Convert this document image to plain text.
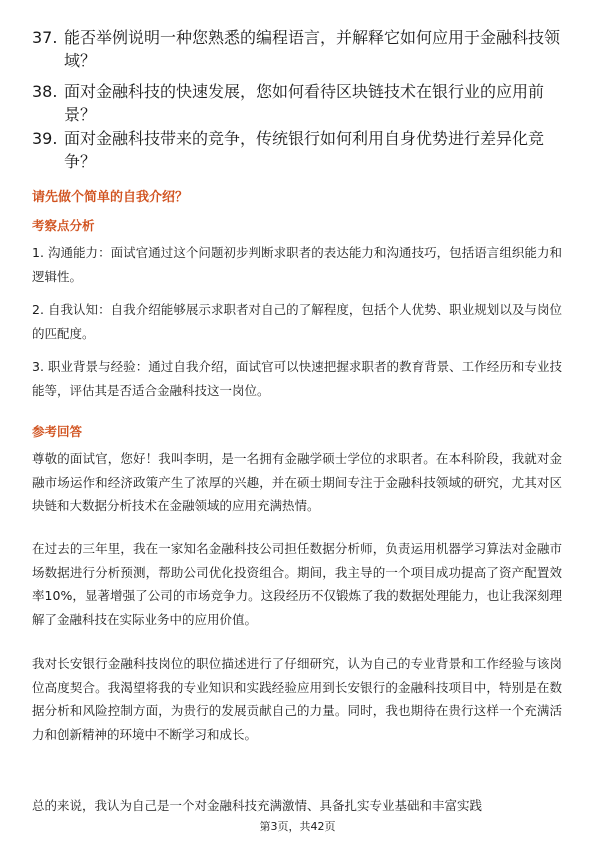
37. 能否举例说明一种您熟悉的编程语言，并解释它如何应用于金融科技领域？
38. 面对金融科技的快速发展，您如何看待区块链技术在银行业的应用前景？
39. 面对金融科技带来的竞争，传统银行如何利用自身优势进行差异化竞争？
请先做个简单的自我介绍？
考察点分析
1. 沟通能力：面试官通过这个问题初步判断求职者的表达能力和沟通技巧，包括语言组织能力和逻辑性。
2. 自我认知：自我介绍能够展示求职者对自己的了解程度，包括个人优势、职业规划以及与岗位的匹配度。
3. 职业背景与经验：通过自我介绍，面试官可以快速把握求职者的教育背景、工作经历和专业技能等，评估其是否适合金融科技这一岗位。
参考回答
尊敬的面试官，您好！我叫李明，是一名拥有金融学硕士学位的求职者。在本科阶段，我就对金融市场运作和经济政策产生了浓厚的兴趣，并在硕士期间专注于金融科技领域的研究，尤其对区块链和大数据分析技术在金融领域的应用充满热情。
在过去的三年里，我在一家知名金融科技公司担任数据分析师，负责运用机器学习算法对金融市场数据进行分析预测，帮助公司优化投资组合。期间，我主导的一个项目成功提高了资产配置效率10%，显著增强了公司的市场竞争力。这段经历不仅锻炼了我的数据处理能力，也让我深刻理解了金融科技在实际业务中的应用价值。
我对长安银行金融科技岗位的职位描述进行了仔细研究，认为自己的专业背景和工作经验与该岗位高度契合。我渴望将我的专业知识和实践经验应用到长安银行的金融科技项目中，特别是在数据分析和风险控制方面，为贵行的发展贡献自己的力量。同时，我也期待在贵行这样一个充满活力和创新精神的环境中不断学习和成长。
总的来说，我认为自己是一个对金融科技充满激情、具备扎实专业基础和丰富实践
第3页，共42页
